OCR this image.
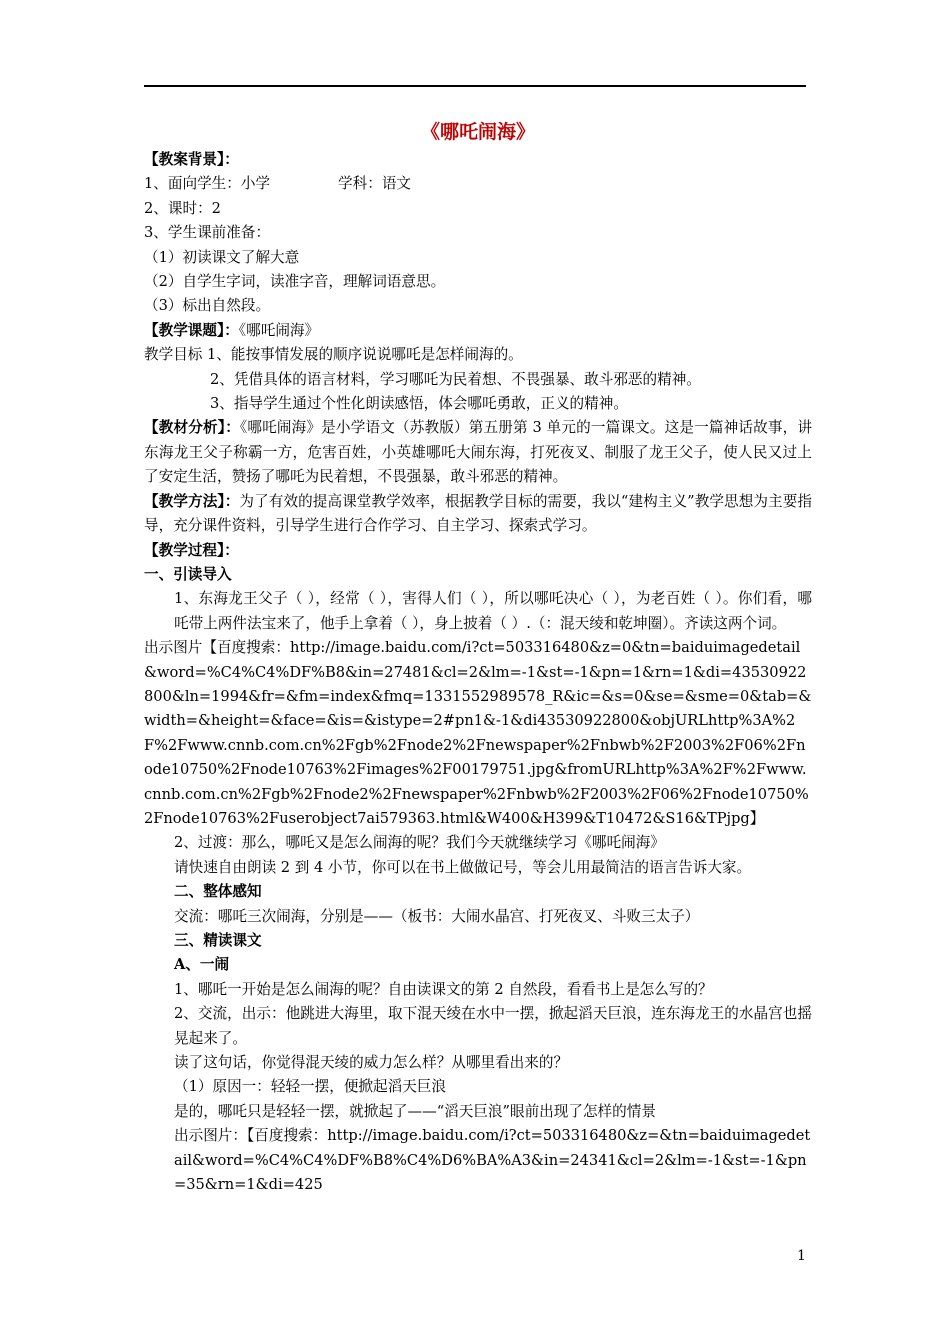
《哪吒闹海》
【教案背景】：
1、面向学生：小学	学科：语文
2、课时：2
3、学生课前准备：
（1）初读课文了解大意
（2）自学生字词，读准字音，理解词语意思。
（3）标出自然段。
【教学课题】：《哪吒闹海》
教学目标 1、能按事情发展的顺序说说哪吒是怎样闹海的。
2、凭借具体的语言材料，学习哪吒为民着想、不畏强暴、敢斗邪恶的精神。
3、指导学生通过个性化朗读感悟，体会哪吒勇敢，正义的精神。
【教材分析】：《哪吒闹海》是小学语文（苏教版）第五册第 3 单元的一篇课文。这是一篇神话故事，讲东海龙王父子称霸一方，危害百姓，小英雄哪吒大闹东海，打死夜叉、制服了龙王父子，使人民又过上了安定生活，赞扬了哪吒为民着想，不畏强暴，敢斗邪恶的精神。
【教学方法】：为了有效的提高课堂教学效率，根据教学目标的需要，我以“建构主义”教学思想为主要指导，充分课件资料，引导学生进行合作学习、自主学习、探索式学习。
【教学过程】：
一、引读导入
1、东海龙王父子（ ），经常（ ），害得人们（ ），所以哪吒决心（ ），为老百姓（ ）。你们看，哪吒带上两件法宝来了，他手上拿着（ ），身上披着（ ）.（：混天绫和乾坤圈）。齐读这两个词。
出示图片【百度搜索：http://image.baidu.com/i?ct=503316480&z=0&tn=baiduimagedetail&word=%C4%C4%DF%B8&in=27481&cl=2&lm=-1&st=-1&pn=1&rn=1&di=43530922800&ln=1994&fr=&fm=index&fmq=1331552989578_R&ic=&s=0&se=&sme=0&tab=&width=&height=&face=&is=&istype=2#pn1&-1&di43530922800&objURLhttp%3A%2F%2Fwww.cnnb.com.cn%2Fgb%2Fnode2%2Fnewspaper%2Fnbwb%2F2003%2F06%2Fnode10750%2Fnode10763%2Fimages%2F00179751.jpg&fromURLhttp%3A%2F%2Fwww.cnnb.com.cn%2Fgb%2Fnode2%2Fnewspaper%2Fnbwb%2F2003%2F06%2Fnode10750%2Fnode10763%2Fuserobject7ai579363.html&W400&H399&T10472&S16&TPjpg】
2、过渡：那么，哪吒又是怎么闹海的呢？我们今天就继续学习《哪吒闹海》
请快速自由朗读 2 到 4 小节，你可以在书上做做记号，等会儿用最简洁的语言告诉大家。
二、整体感知
交流：哪吒三次闹海，分别是——（板书：大闹水晶宫、打死夜叉、斗败三太子）
三、精读课文
A、一闹
1、哪吒一开始是怎么闹海的呢？自由读课文的第 2 自然段，看看书上是怎么写的？
2、交流，出示：他跳进大海里，取下混天绫在水中一摆，掀起滔天巨浪，连东海龙王的水晶宫也摇晃起来了。
读了这句话，你觉得混天绫的威力怎么样？从哪里看出来的？
（1）原因一：轻轻一摆，便掀起滔天巨浪
是的，哪吒只是轻轻一摆，就掀起了——“滔天巨浪”眼前出现了怎样的情景
出示图片：【百度搜索：http://image.baidu.com/i?ct=503316480&z=&tn=baiduimagedetail&word=%C4%C4%DF%B8%C4%D6%BA%A3&in=24341&cl=2&lm=-1&st=-1&pn=35&rn=1&di=425
1
